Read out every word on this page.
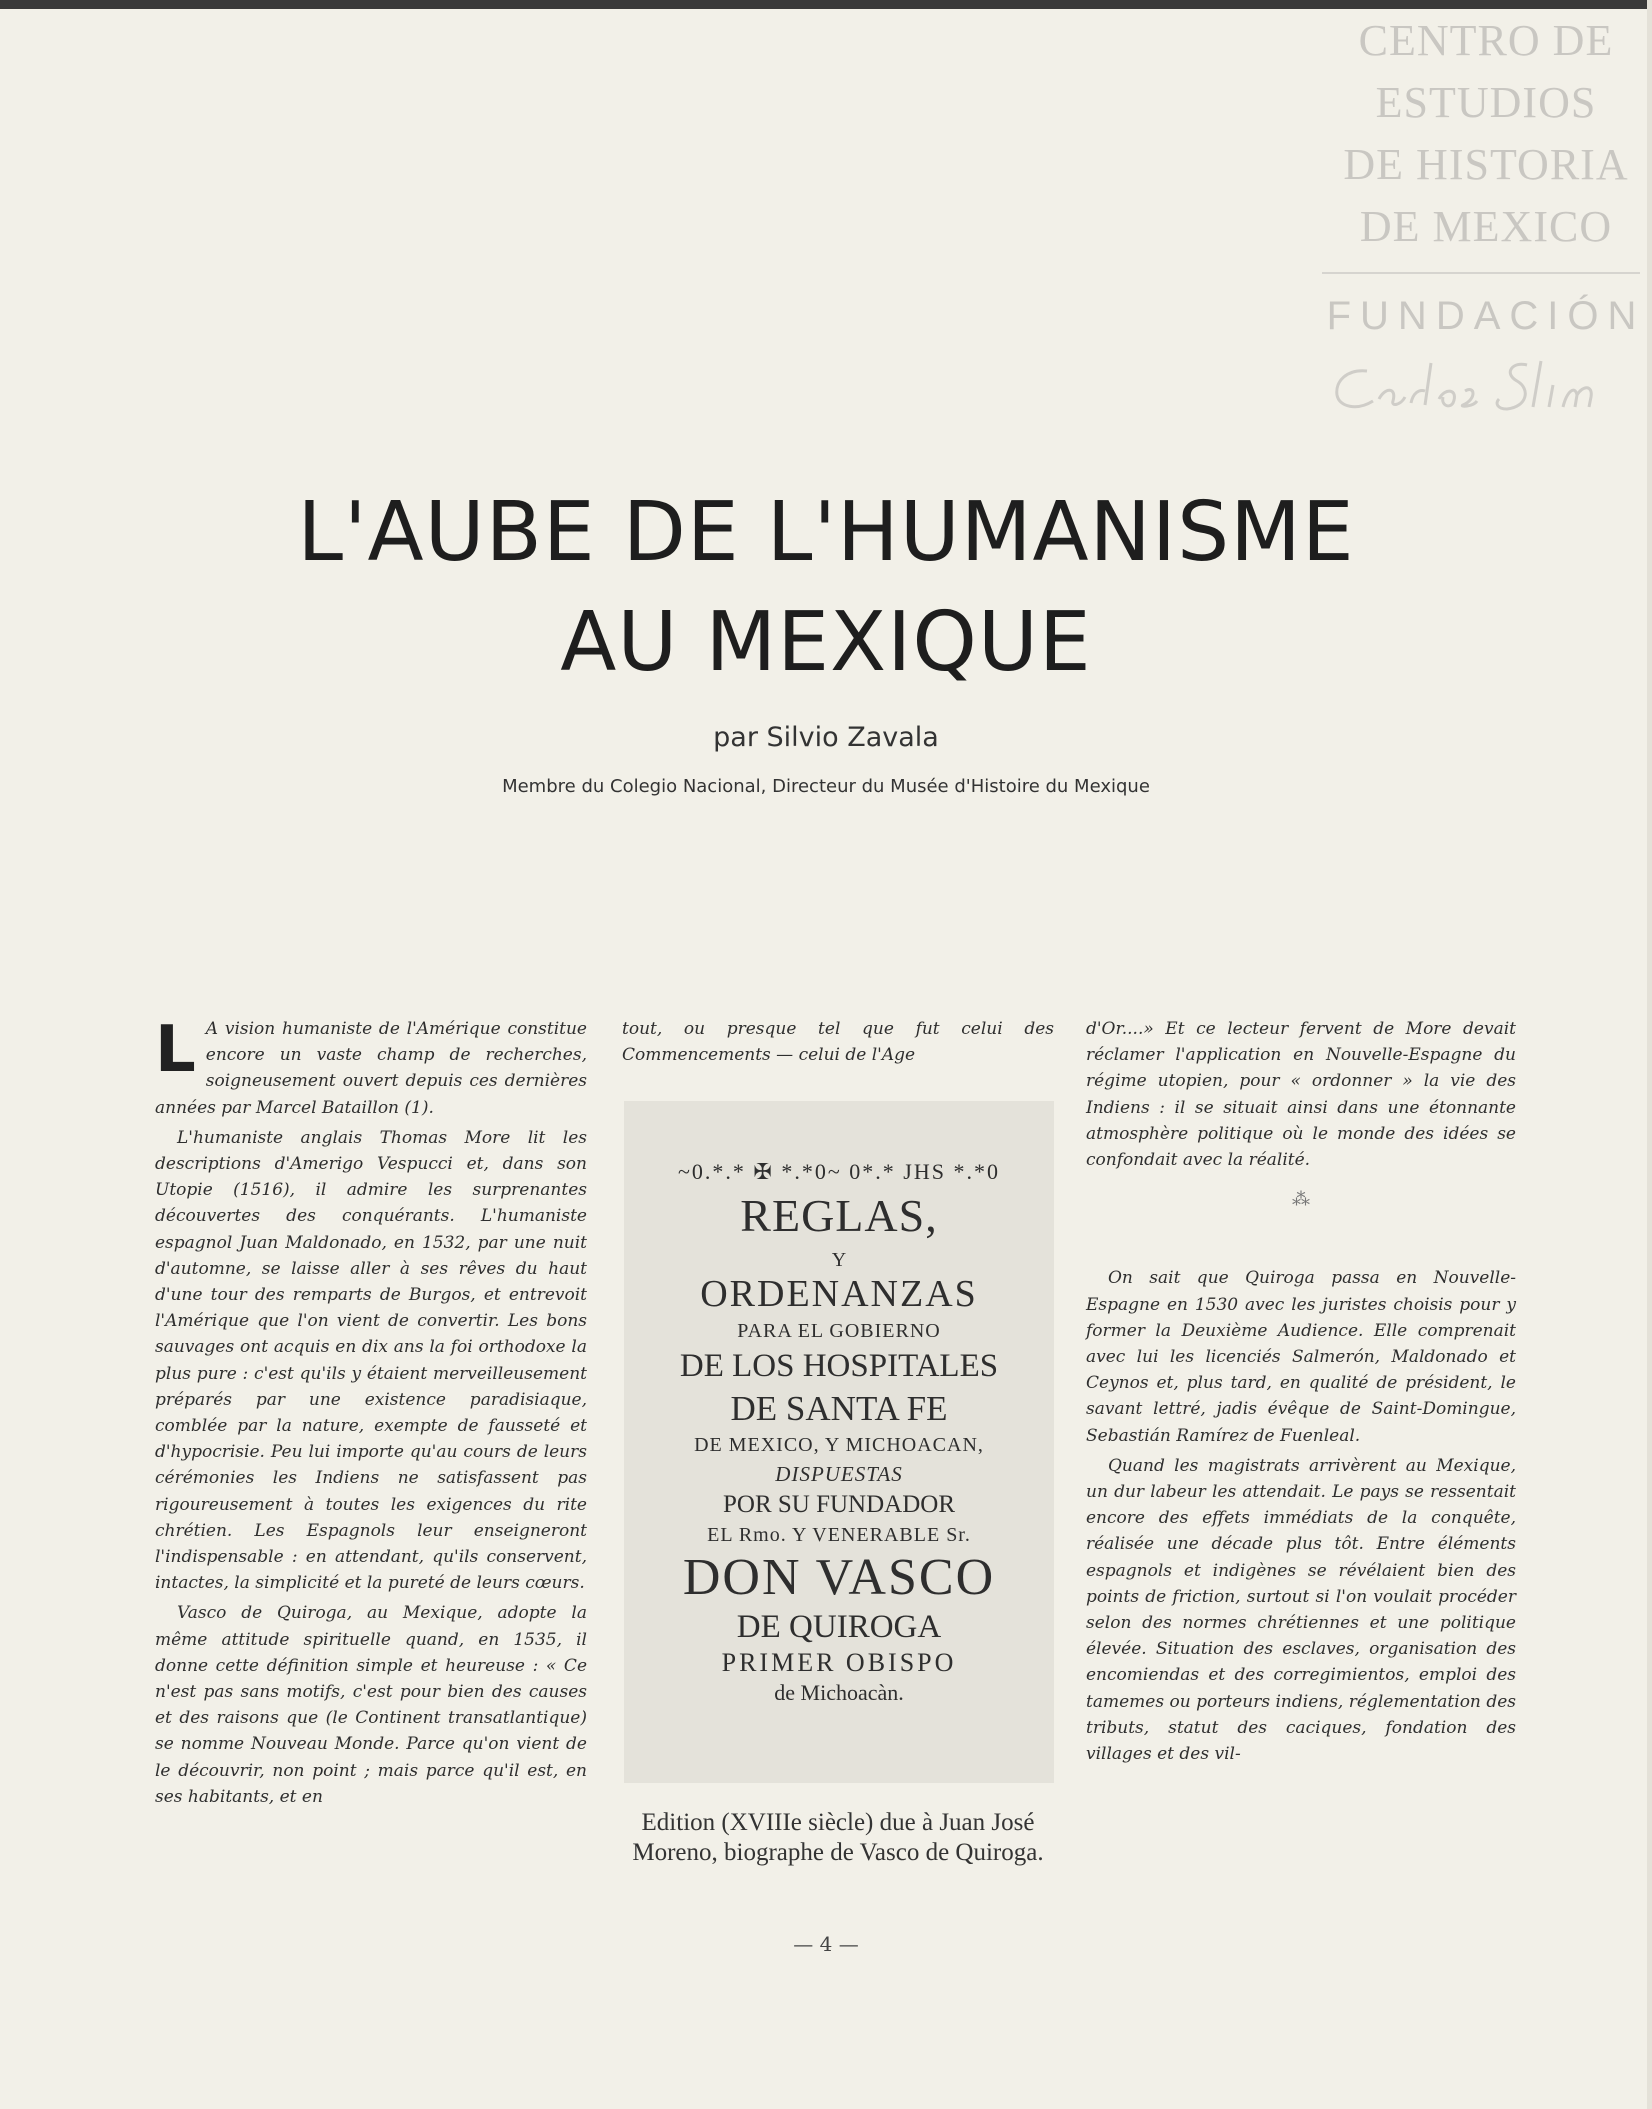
CENTRO DE
ESTUDIOS
DE HISTORIA
DE MEXICO
FUNDACIÓN
L'AUBE DE L'HUMANISME
AU MEXIQUE
par Silvio Zavala
Membre du Colegio Nacional, Directeur du Musée d'Histoire du Mexique

L A vision humaniste de l'Amérique constitue encore un vaste champ de recherches, soigneusement ouvert depuis ces dernières années par Marcel Bataillon (1).

L'humaniste anglais Thomas More lit les descriptions d'Amerigo Vespucci et, dans son Utopie (1516), il admire les surprenantes découvertes des conquérants. L'humaniste espagnol Juan Maldonado, en 1532, par une nuit d'automne, se laisse aller à ses rêves du haut d'une tour des remparts de Burgos, et entrevoit l'Amérique que l'on vient de convertir. Les bons sauvages ont acquis en dix ans la foi orthodoxe la plus pure : c'est qu'ils y étaient merveilleusement préparés par une existence paradisiaque, comblée par la nature, exempte de fausseté et d'hypocrisie. Peu lui importe qu'au cours de leurs cérémonies les Indiens ne satisfassent pas rigoureusement à toutes les exigences du rite chrétien. Les Espagnols leur enseigneront l'indispensable : en attendant, qu'ils conservent, intactes, la simplicité et la pureté de leurs cœurs.

Vasco de Quiroga, au Mexique, adopte la même attitude spirituelle quand, en 1535, il donne cette définition simple et heureuse : « Ce n'est pas sans motifs, c'est pour bien des causes et des raisons que (le Continent transatlantique) se nomme Nouveau Monde. Parce qu'on vient de le découvrir, non point ; mais parce qu'il est, en ses habitants, et en

tout, ou presque tel que fut celui des Commencements — celui de l'Age

~0.*.* ✠ *.*0~ 0*.* JHS *.*0
REGLAS,
Y
ORDENANZAS
PARA EL GOBIERNO
DE LOS HOSPITALES
DE SANTA FE
DE MEXICO, Y MICHOACAN,
DISPUESTAS
POR SU FUNDADOR
EL Rmo. Y VENERABLE Sr.
DON VASCO
DE QUIROGA
PRIMER OBISPO
de Michoacàn.
Edition (XVIIIe siècle) due à Juan José Moreno, biographe de Vasco de Quiroga.

d'Or....» Et ce lecteur fervent de More devait réclamer l'application en Nouvelle-Espagne du régime utopien, pour « ordonner » la vie des Indiens : il se situait ainsi dans une étonnante atmosphère politique où le monde des idées se confondait avec la réalité.

⁂

On sait que Quiroga passa en Nouvelle-Espagne en 1530 avec les juristes choisis pour y former la Deuxième Audience. Elle comprenait avec lui les licenciés Salmerón, Maldonado et Ceynos et, plus tard, en qualité de président, le savant lettré, jadis évêque de Saint-Domingue, Sebastián Ramírez de Fuenleal.

Quand les magistrats arrivèrent au Mexique, un dur labeur les attendait. Le pays se ressentait encore des effets immédiats de la conquête, réalisée une décade plus tôt. Entre éléments espagnols et indigènes se révélaient bien des points de friction, surtout si l'on voulait procéder selon des normes chrétiennes et une politique élevée. Situation des esclaves, organisation des encomiendas et des corregimientos, emploi des tamemes ou porteurs indiens, réglementation des tributs, statut des caciques, fondation des villages et des vil-

— 4 —
